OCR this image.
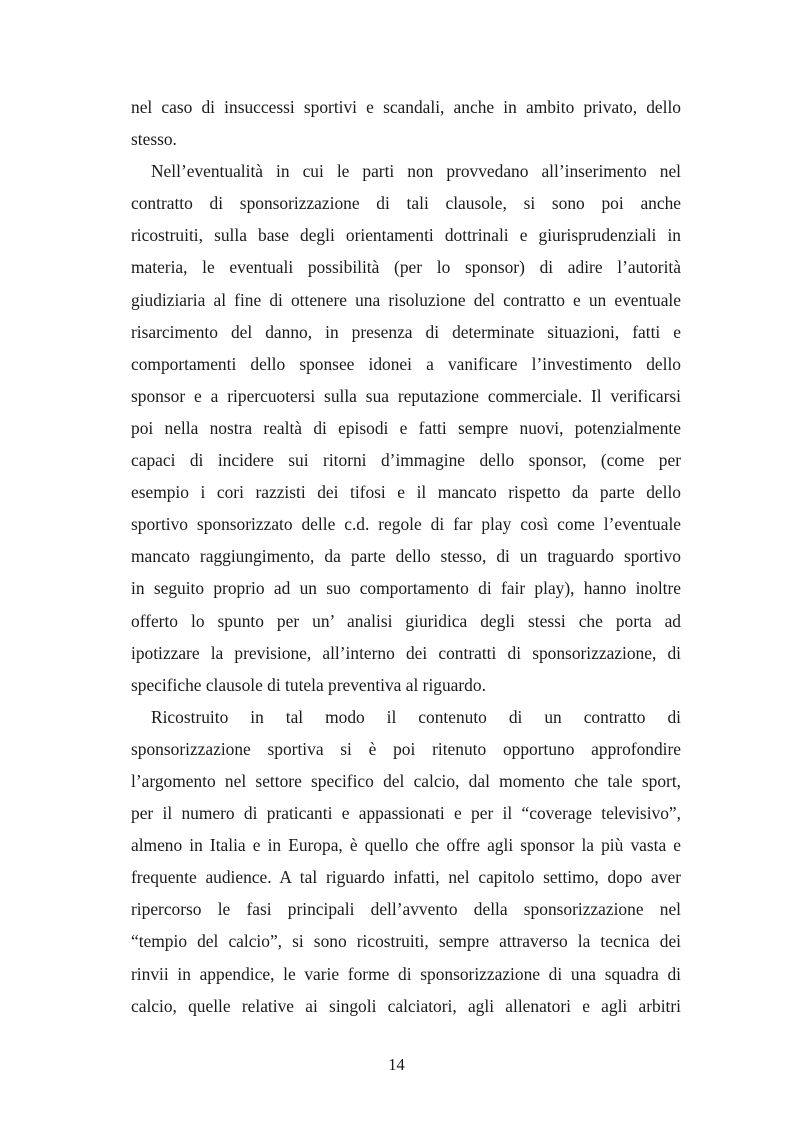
nel caso di insuccessi sportivi e scandali, anche in ambito privato, dello
stesso.
Nell’eventualità in cui le parti non provvedano all’inserimento nel
contratto di sponsorizzazione di tali clausole, si sono poi anche
ricostruiti, sulla base degli orientamenti dottrinali e giurisprudenziali in
materia, le eventuali possibilità (per lo sponsor) di adire l’autorità
giudiziaria al fine di ottenere una risoluzione del contratto e un eventuale
risarcimento del danno, in presenza di determinate situazioni, fatti e
comportamenti dello sponsee idonei a vanificare l’investimento dello
sponsor e a ripercuotersi sulla sua reputazione commerciale. Il verificarsi
poi nella nostra realtà di episodi e fatti sempre nuovi, potenzialmente
capaci di incidere sui ritorni d’immagine dello sponsor, (come per
esempio i cori razzisti dei tifosi e il mancato rispetto da parte dello
sportivo sponsorizzato delle c.d. regole di far play così come l’eventuale
mancato raggiungimento, da parte dello stesso, di un traguardo sportivo
in seguito proprio ad un suo comportamento di fair play), hanno inoltre
offerto lo spunto per un’ analisi giuridica degli stessi che porta ad
ipotizzare la previsione, all’interno dei contratti di sponsorizzazione, di
specifiche clausole di tutela preventiva al riguardo.
Ricostruito in tal modo il contenuto di un contratto di
sponsorizzazione sportiva si è poi ritenuto opportuno approfondire
l’argomento nel settore specifico del calcio, dal momento che tale sport,
per il numero di praticanti e appassionati e per il “coverage televisivo”,
almeno in Italia e in Europa, è quello che offre agli sponsor la più vasta e
frequente audience. A tal riguardo infatti, nel capitolo settimo, dopo aver
ripercorso le fasi principali dell’avvento della sponsorizzazione nel
“tempio del calcio”, si sono ricostruiti, sempre attraverso la tecnica dei
rinvii in appendice, le varie forme di sponsorizzazione di una squadra di
calcio, quelle relative ai singoli calciatori, agli allenatori e agli arbitri
14
